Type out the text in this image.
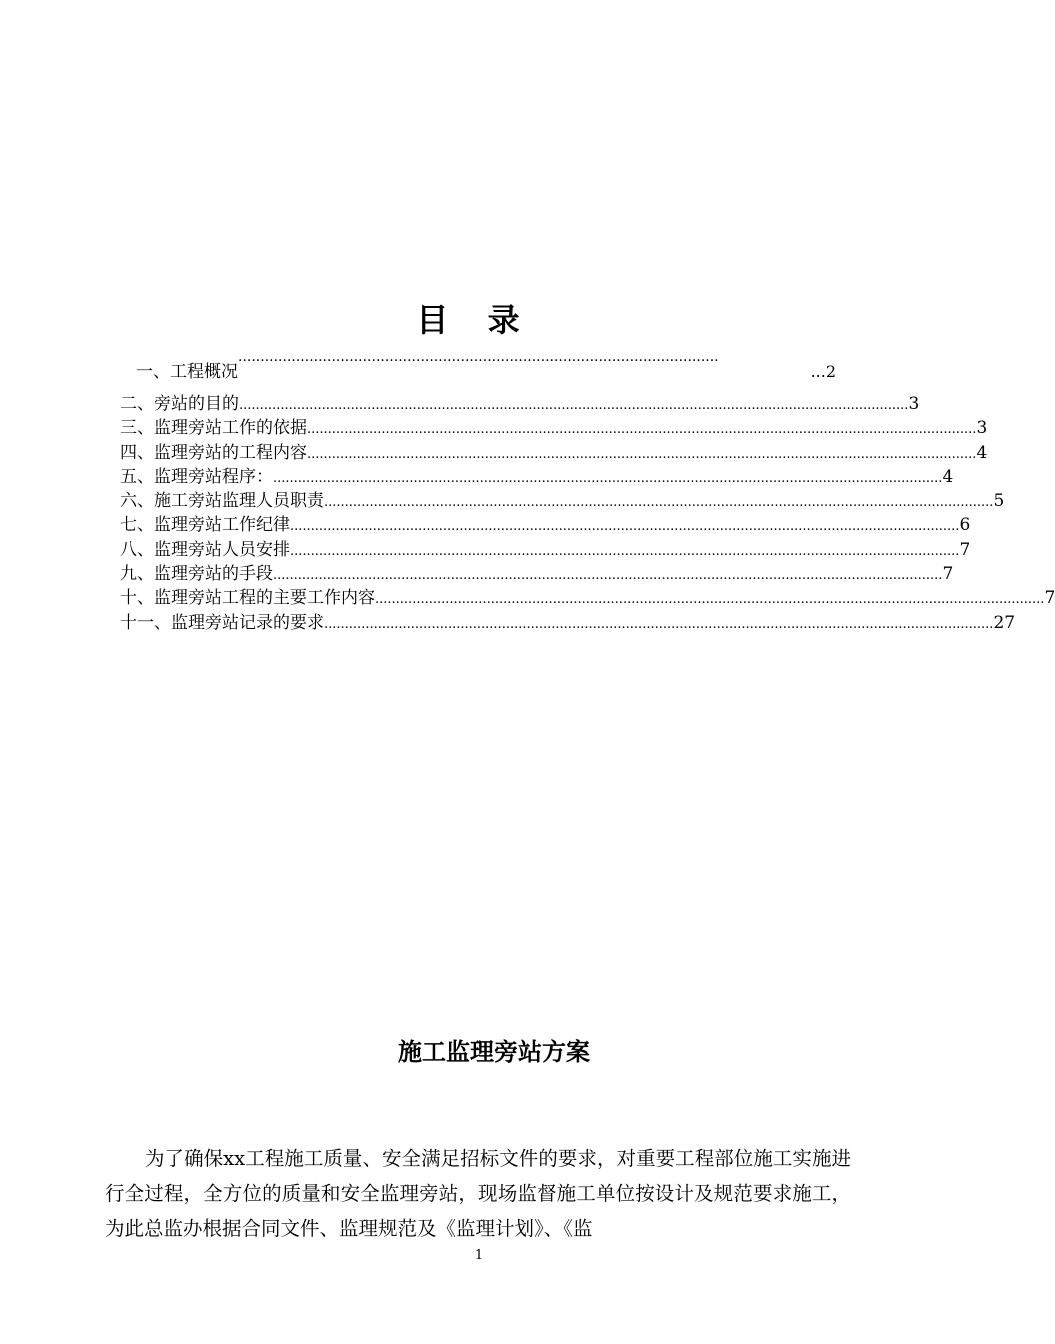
目 录
一、工程概况
············································································································
...2
二、旁站的目的 .................................................................................................................................................................. 3
三、监理旁站工作的依据 .................................................................................................................................................................. 3
四、监理旁站的工程内容 .................................................................................................................................................................. 4
五、监理旁站程序： .................................................................................................................................................................. 4
六、施工旁站监理人员职责 .................................................................................................................................................................. 5
七、监理旁站工作纪律 .................................................................................................................................................................. 6
八、监理旁站人员安排 .................................................................................................................................................................. 7
九、监理旁站的手段 .................................................................................................................................................................. 7
十、监理旁站工程的主要工作内容 .................................................................................................................................................................. 7
十一、监理旁站记录的要求 .................................................................................................................................................................. 27
施工监理旁站方案

为了确保xx工程施工质量、安全满足招标文件的要求，对重要工程部位施工实施进行全过程，全方位的质量和安全监理旁站，现场监督施工单位按设计及规范要求施工，为此总监办根据合同文件、监理规范及《监理计划》、《监

1
